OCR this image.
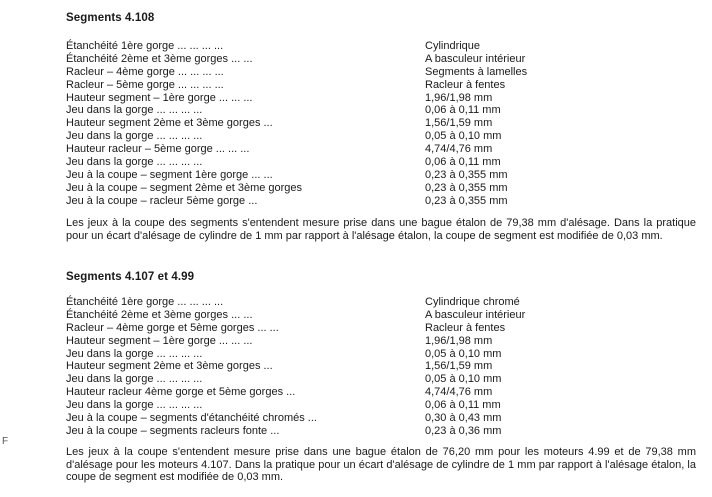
Segments 4.108
Étanchéité 1ère gorge ... ... ... ...	Cylindrique
Étanchéité 2ème et 3ème gorges ... ...	A basculeur intérieur
Racleur – 4ème gorge ... ... ... ...	Segments à lamelles
Racleur – 5ème gorge ... ... ... ...	Racleur à fentes
Hauteur segment – 1ère gorge ... ... ...	1,96/1,98 mm
Jeu dans la gorge ... ... ... ...	0,06 à 0,11 mm
Hauteur segment 2ème et 3ème gorges ...	1,56/1,59 mm
Jeu dans la gorge ... ... ... ...	0,05 à 0,10 mm
Hauteur racleur – 5ème gorge ... ... ...	4,74/4,76 mm
Jeu dans la gorge ... ... ... ...	0,06 à 0,11 mm
Jeu à la coupe – segment 1ère gorge ... ...	0,23 à 0,355 mm
Jeu à la coupe – segment 2ème et 3ème gorges	0,23 à 0,355 mm
Jeu à la coupe – racleur 5ème gorge ...	0,23 à 0,355 mm
Les jeux à la coupe des segments s'entendent mesure prise dans une bague étalon de 79,38 mm d'alésage. Dans la pratique pour un écart d'alésage de cylindre de 1 mm par rapport à l'alésage étalon, la coupe de segment est modifiée de 0,03 mm.
Segments 4.107 et 4.99
Étanchéité 1ère gorge ... ... ... ...	Cylindrique chromé
Étanchéité 2ème et 3ème gorges ... ...	A basculeur intérieur
Racleur – 4ème gorge et 5ème gorges ... ...	Racleur à fentes
Hauteur segment – 1ère gorge ... ... ...	1,96/1,98 mm
Jeu dans la gorge ... ... ... ...	0,05 à 0,10 mm
Hauteur segment 2ème et 3ème gorges ...	1,56/1,59 mm
Jeu dans la gorge ... ... ... ...	0,05 à 0,10 mm
Hauteur racleur 4ème gorge et 5ème gorges ...	4,74/4,76 mm
Jeu dans la gorge ... ... ... ...	0,06 à 0,11 mm
Jeu à la coupe – segments d'étanchéité chromés ...	0,30 à 0,43 mm
Jeu à la coupe – segments racleurs fonte ...	0,23 à 0,36 mm
Les jeux à la coupe s'entendent mesure prise dans une bague étalon de 76,20 mm pour les moteurs 4.99 et de 79,38 mm d'alésage pour les moteurs 4.107. Dans la pratique pour un écart d'alésage de cylindre de 1 mm par rapport à l'alésage étalon, la coupe de segment est modifiée de 0,03 mm.
F
